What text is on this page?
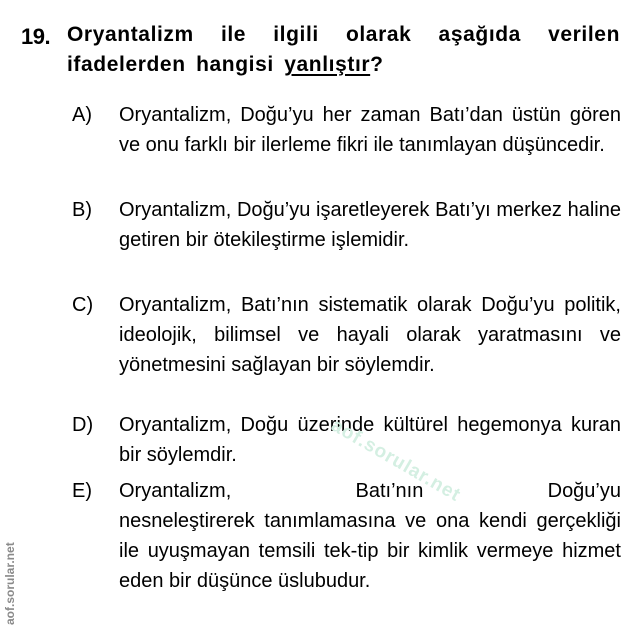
19. Oryantalizm ile ilgili olarak aşağıda verilen ifadelerden hangisi yanlıştır?
A) Oryantalizm, Doğu’yu her zaman Batı’dan üstün gören ve onu farklı bir ilerleme fikri ile tanımlayan düşüncedir.
B) Oryantalizm, Doğu’yu işaretleyerek Batı’yı merkez haline getiren bir ötekileştirme işlemidir.
C) Oryantalizm, Batı’nın sistematik olarak Doğu’yu politik, ideolojik, bilimsel ve hayali olarak yaratmasını ve yönetmesini sağlayan bir söylemdir.
D) Oryantalizm, Doğu üzerinde kültürel hegemonya kuran bir söylemdir.
E) Oryantalizm, Batı’nın Doğu’yu
nesneleştirerek tanımlamasına ve ona kendi gerçekliği ile uyuşmayan temsili tek-tip bir kimlik vermeye hizmet eden bir düşünce üslubudur.
aof.sorular.net
aof.sorular.net
